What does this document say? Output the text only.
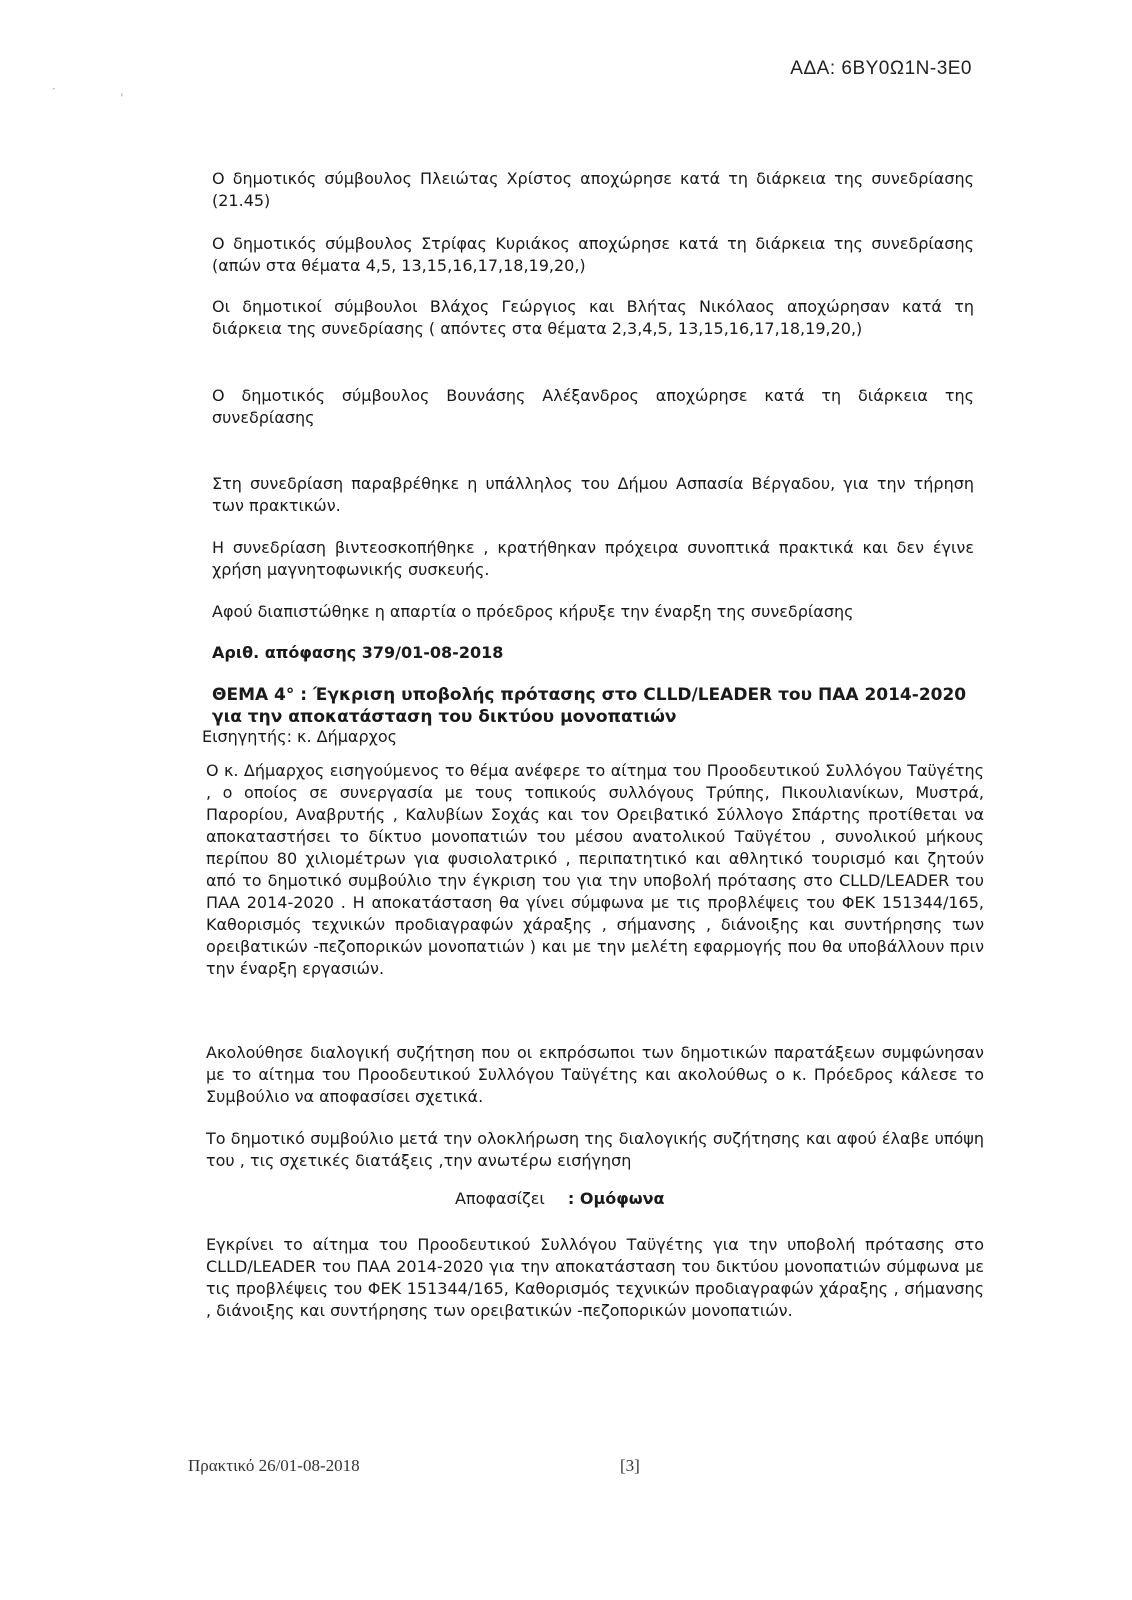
ΑΔΑ: 6ΒΥ0Ω1Ν-3Ε0
·	,
Ο δημοτικός σύμβουλος Πλειώτας Χρίστος αποχώρησε κατά τη διάρκεια της συνεδρίασης (21.45)
Ο δημοτικός σύμβουλος Στρίφας Κυριάκος αποχώρησε κατά τη διάρκεια της συνεδρίασης (απών στα θέματα 4,5, 13,15,16,17,18,19,20,)
Οι δημοτικοί σύμβουλοι Βλάχος Γεώργιος και Βλήτας Νικόλαος αποχώρησαν κατά τη διάρκεια της συνεδρίασης ( απόντες στα θέματα 2,3,4,5, 13,15,16,17,18,19,20,)
Ο δημοτικός σύμβουλος Βουνάσης Αλέξανδρος αποχώρησε κατά τη διάρκεια της συνεδρίασης
Στη συνεδρίαση παραβρέθηκε η υπάλληλος του Δήμου Ασπασία Βέργαδου, για την τήρηση των πρακτικών.
Η συνεδρίαση βιντεοσκοπήθηκε , κρατήθηκαν πρόχειρα συνοπτικά πρακτικά και δεν έγινε χρήση μαγνητοφωνικής συσκευής.
Αφού διαπιστώθηκε η απαρτία ο πρόεδρος κήρυξε την έναρξη της συνεδρίασης
Αριθ. απόφασης 379/01-08-2018
ΘΕΜΑ 4° : Έγκριση υποβολής πρότασης στο CLLD/LEADER του ΠΑΑ 2014-2020 για την αποκατάσταση του δικτύου μονοπατιών
Εισηγητής: κ. Δήμαρχος
Ο κ. Δήμαρχος εισηγούμενος το θέμα ανέφερε το αίτημα του Προοδευτικού Συλλόγου Ταϋγέτης , ο οποίος σε συνεργασία με τους τοπικούς συλλόγους Τρύπης, Πικουλιανίκων, Μυστρά, Παρορίου, Αναβρυτής , Καλυβίων Σοχάς και τον Ορειβατικό Σύλλογο Σπάρτης προτίθεται να αποκαταστήσει το δίκτυο μονοπατιών του μέσου ανατολικού Ταϋγέτου , συνολικού μήκους περίπου 80 χιλιομέτρων για φυσιολατρικό , περιπατητικό και αθλητικό τουρισμό και ζητούν από το δημοτικό συμβούλιο την έγκριση του για την υποβολή πρότασης στο CLLD/LEADER του ΠΑΑ 2014-2020 . Η αποκατάσταση θα γίνει σύμφωνα με τις προβλέψεις του ΦΕΚ 151344/165, Καθορισμός τεχνικών προδιαγραφών χάραξης , σήμανσης , διάνοιξης και συντήρησης των ορειβατικών -πεζοπορικών μονοπατιών ) και με την μελέτη εφαρμογής που θα υποβάλλουν πριν την έναρξη εργασιών.
Ακολούθησε διαλογική συζήτηση που οι εκπρόσωποι των δημοτικών παρατάξεων συμφώνησαν με το αίτημα του Προοδευτικού Συλλόγου Ταϋγέτης και ακολούθως ο κ. Πρόεδρος κάλεσε το Συμβούλιο να αποφασίσει σχετικά.
Το δημοτικό συμβούλιο μετά την ολοκλήρωση της διαλογικής συζήτησης και αφού έλαβε υπόψη του , τις σχετικές διατάξεις ,την ανωτέρω εισήγηση
Αποφασίζει : Ομόφωνα
Εγκρίνει το αίτημα του Προοδευτικού Συλλόγου Ταϋγέτης για την υποβολή πρότασης στο CLLD/LEADER του ΠΑΑ 2014-2020 για την αποκατάσταση του δικτύου μονοπατιών σύμφωνα με τις προβλέψεις του ΦΕΚ 151344/165, Καθορισμός τεχνικών προδιαγραφών χάραξης , σήμανσης , διάνοιξης και συντήρησης των ορειβατικών -πεζοπορικών μονοπατιών.
Πρακτικό 26/01-08-2018	[3]
